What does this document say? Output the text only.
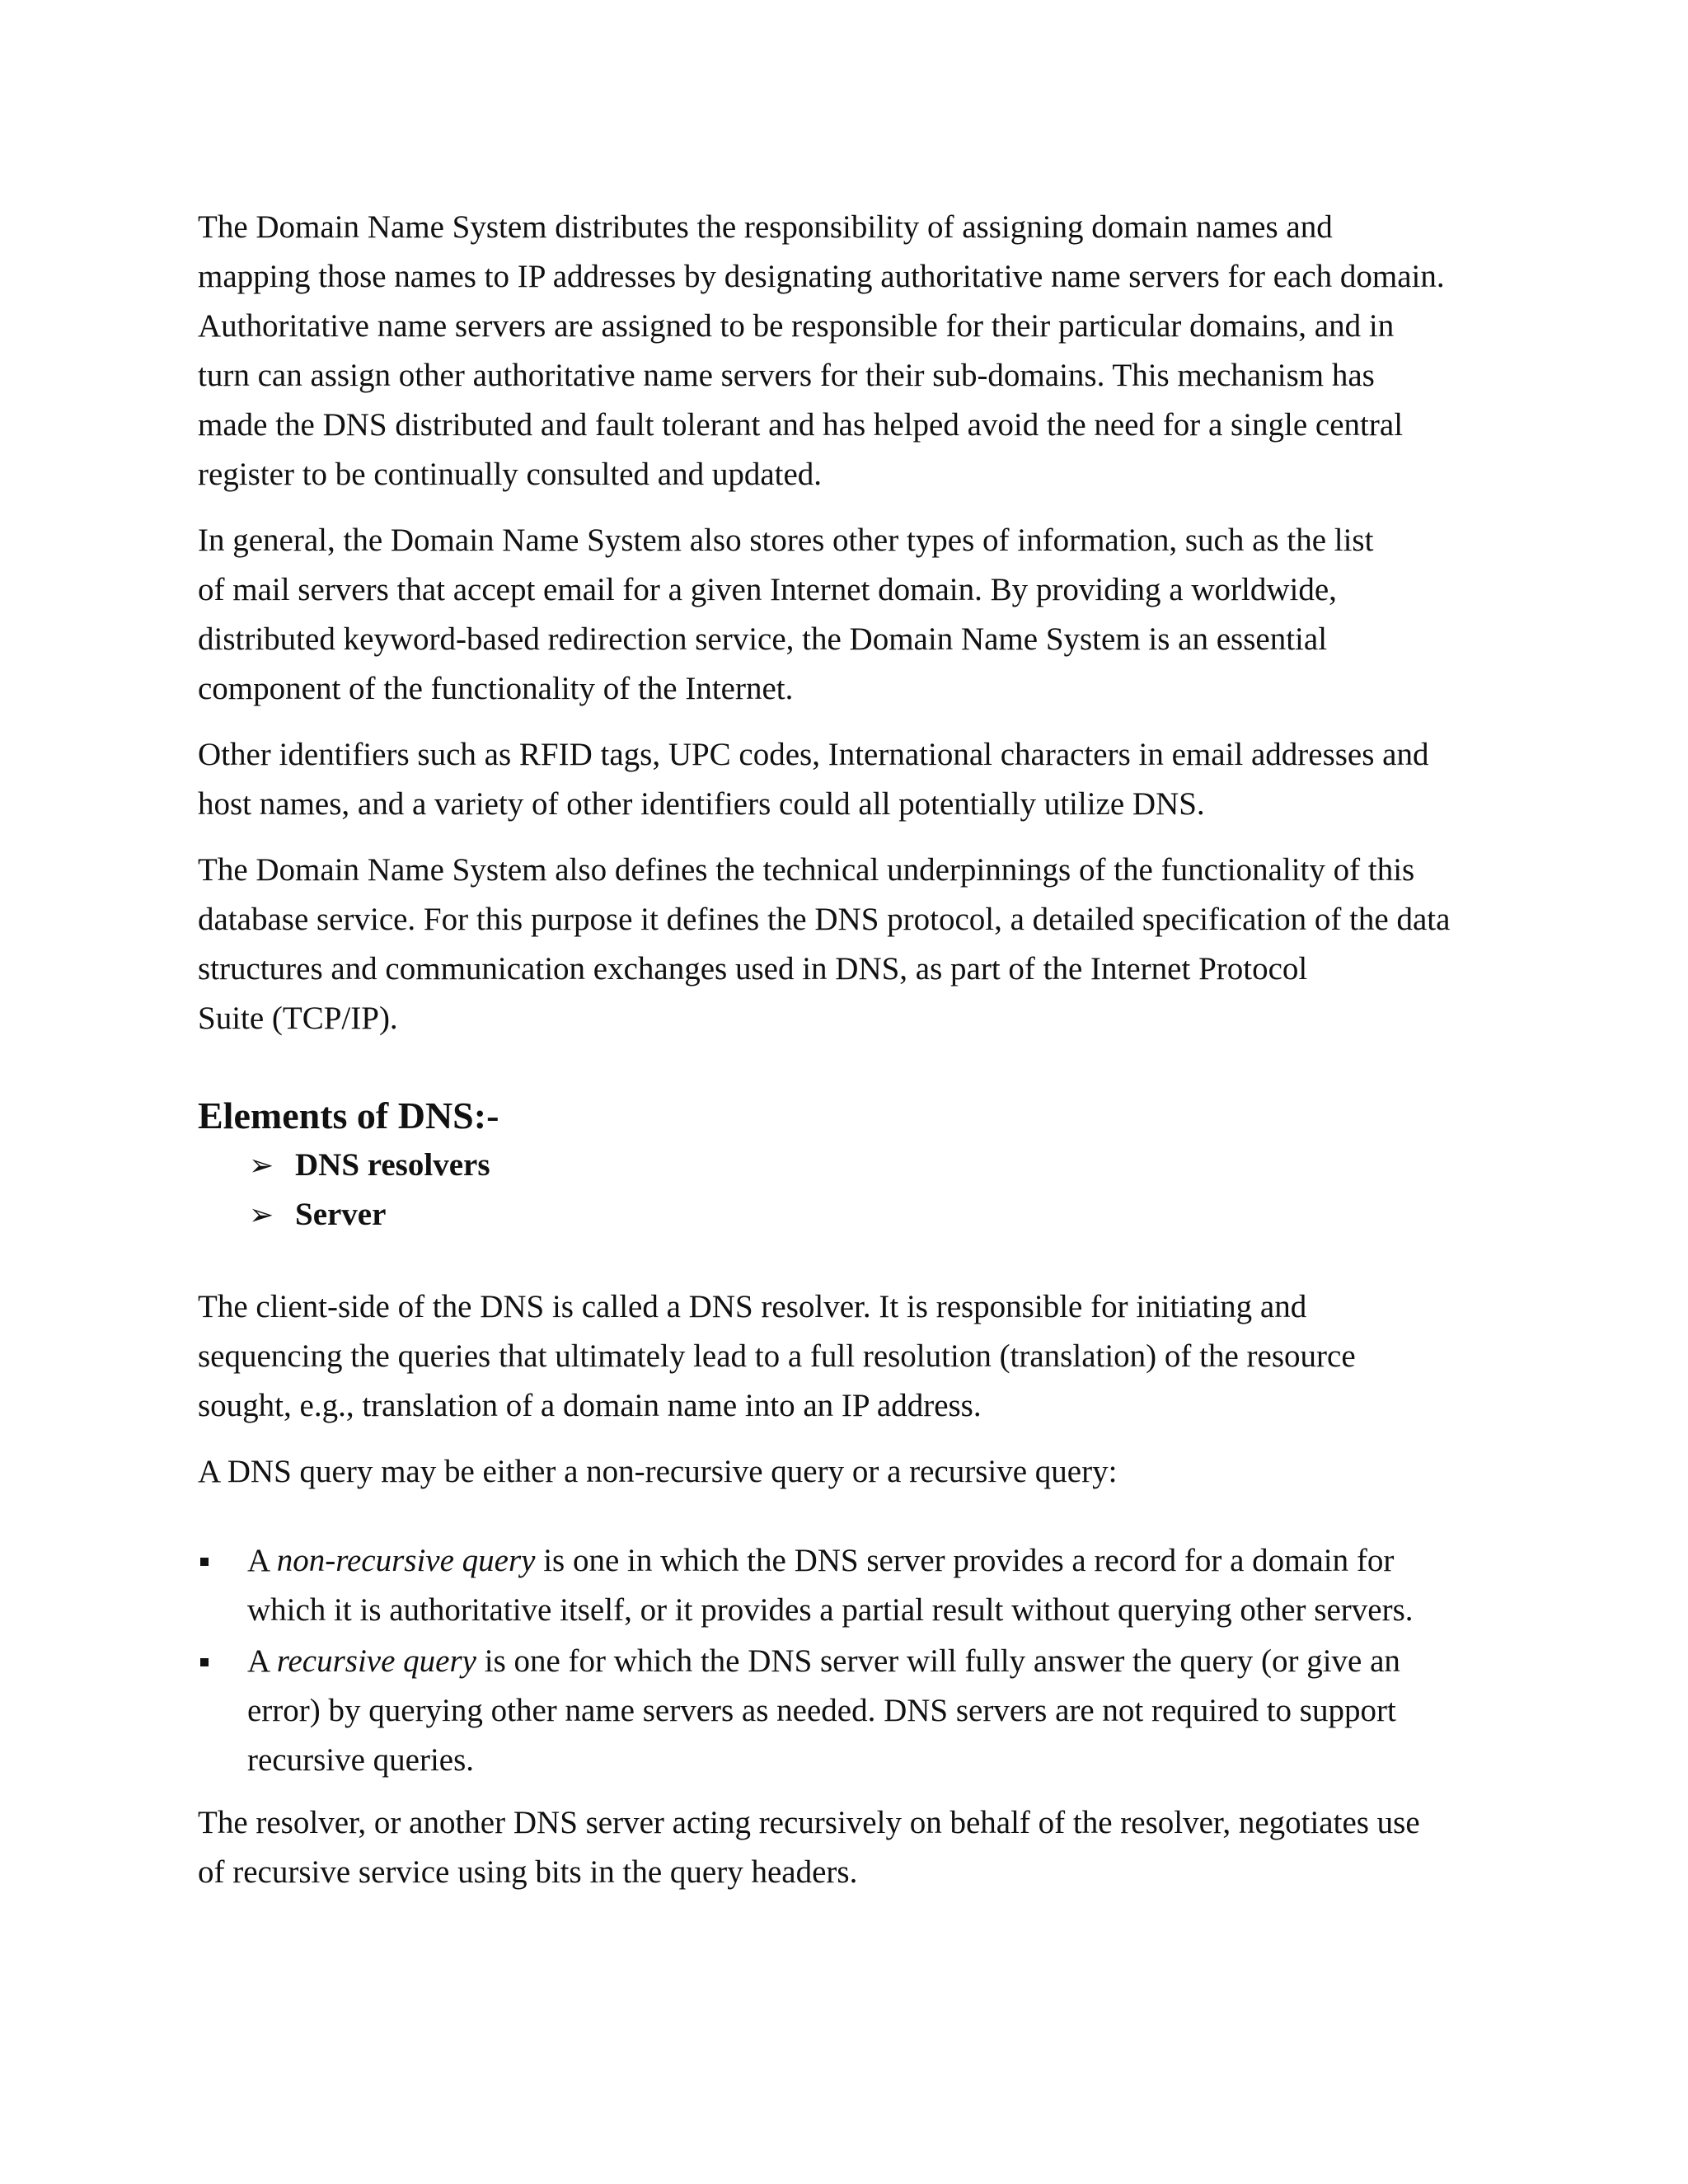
The Domain Name System distributes the responsibility of assigning domain names and
mapping those names to IP addresses by designating authoritative name servers for each domain.
Authoritative name servers are assigned to be responsible for their particular domains, and in
turn can assign other authoritative name servers for their sub-domains. This mechanism has
made the DNS distributed and fault tolerant and has helped avoid the need for a single central
register to be continually consulted and updated.

In general, the Domain Name System also stores other types of information, such as the list
of mail servers that accept email for a given Internet domain. By providing a worldwide,
distributed keyword-based redirection service, the Domain Name System is an essential
component of the functionality of the Internet.

Other identifiers such as RFID tags, UPC codes, International characters in email addresses and
host names, and a variety of other identifiers could all potentially utilize DNS.

The Domain Name System also defines the technical underpinnings of the functionality of this
database service. For this purpose it defines the DNS protocol, a detailed specification of the data
structures and communication exchanges used in DNS, as part of the Internet Protocol
Suite (TCP/IP).

Elements of DNS:-
➢ DNS resolvers
➢ Server

The client-side of the DNS is called a DNS resolver. It is responsible for initiating and
sequencing the queries that ultimately lead to a full resolution (translation) of the resource
sought, e.g., translation of a domain name into an IP address.

A DNS query may be either a non-recursive query or a recursive query:

A non-recursive query is one in which the DNS server provides a record for a domain for
which it is authoritative itself, or it provides a partial result without querying other servers.
A recursive query is one for which the DNS server will fully answer the query (or give an
error) by querying other name servers as needed. DNS servers are not required to support
recursive queries.

The resolver, or another DNS server acting recursively on behalf of the resolver, negotiates use
of recursive service using bits in the query headers.
